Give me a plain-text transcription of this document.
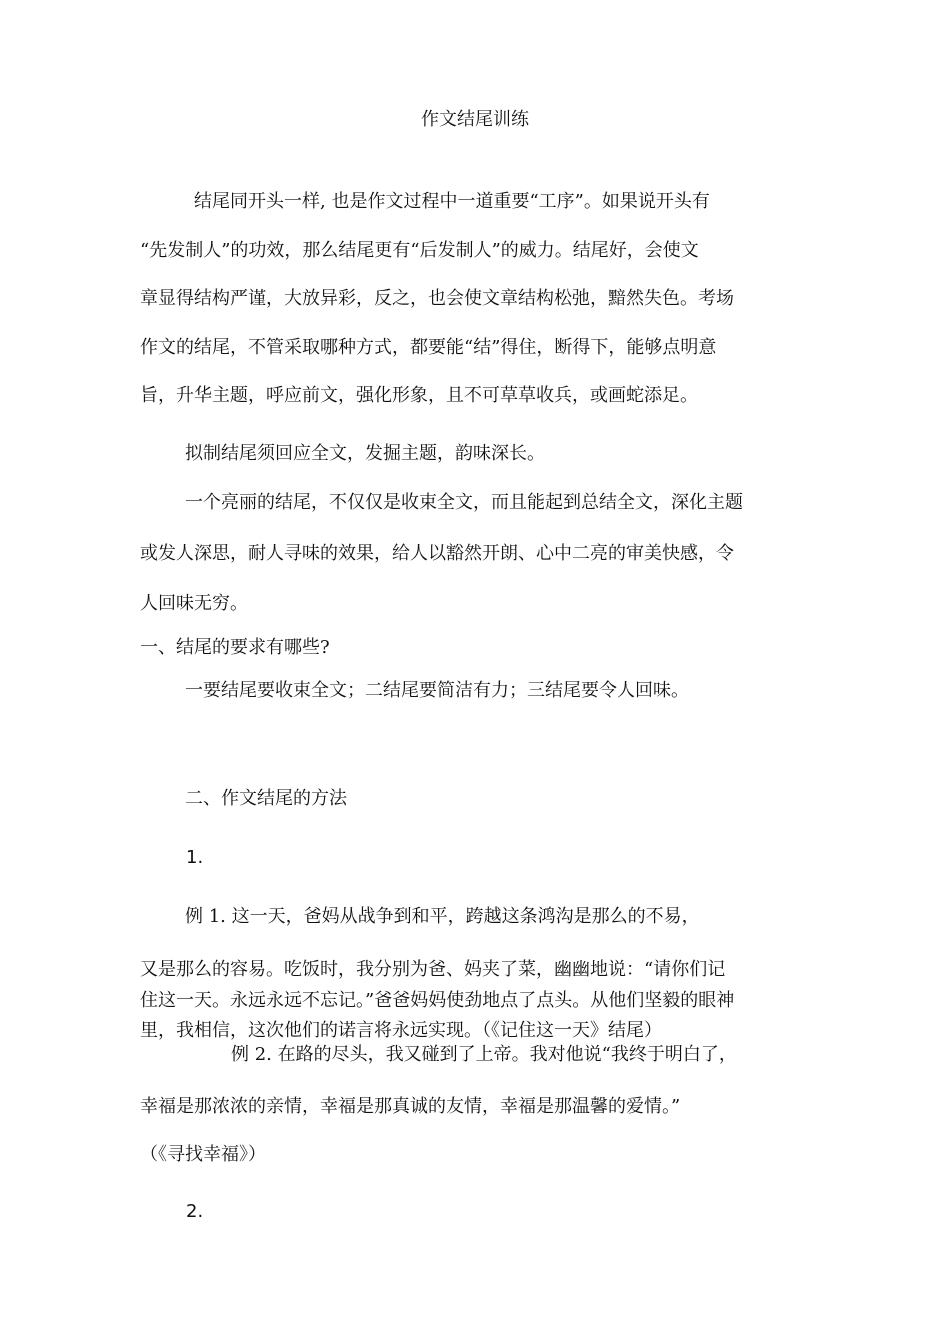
作文结尾训练
结尾同开头一样, 也是作文过程中一道重要“工序”。如果说开头有
“先发制人”的功效，那么结尾更有“后发制人”的威力。结尾好，会使文
章显得结构严谨，大放异彩，反之，也会使文章结构松弛，黯然失色。考场
作文的结尾，不管采取哪种方式，都要能“结”得住，断得下，能够点明意
旨，升华主题，呼应前文，强化形象，且不可草草收兵，或画蛇添足。
拟制结尾须回应全文，发掘主题，韵味深长。
一个亮丽的结尾，不仅仅是收束全文，而且能起到总结全文，深化主题
或发人深思，耐人寻味的效果，给人以豁然开朗、心中二亮的审美快感，令
人回味无穷。
一、结尾的要求有哪些?
一要结尾要收束全文；二结尾要简洁有力；三结尾要令人回味。
二、作文结尾的方法
1.
例 1. 这一天，爸妈从战争到和平，跨越这条鸿沟是那么的不易，
又是那么的容易。吃饭时，我分别为爸、妈夹了菜，幽幽地说：“请你们记
住这一天。永远永远不忘记。”爸爸妈妈使劲地点了点头。从他们坚毅的眼神
里，我相信，这次他们的诺言将永远实现。（《记住这一天》结尾）
例 2. 在路的尽头，我又碰到了上帝。我对他说“我终于明白了，
幸福是那浓浓的亲情，幸福是那真诚的友情，幸福是那温馨的爱情。”
（《寻找幸福》）
2.
